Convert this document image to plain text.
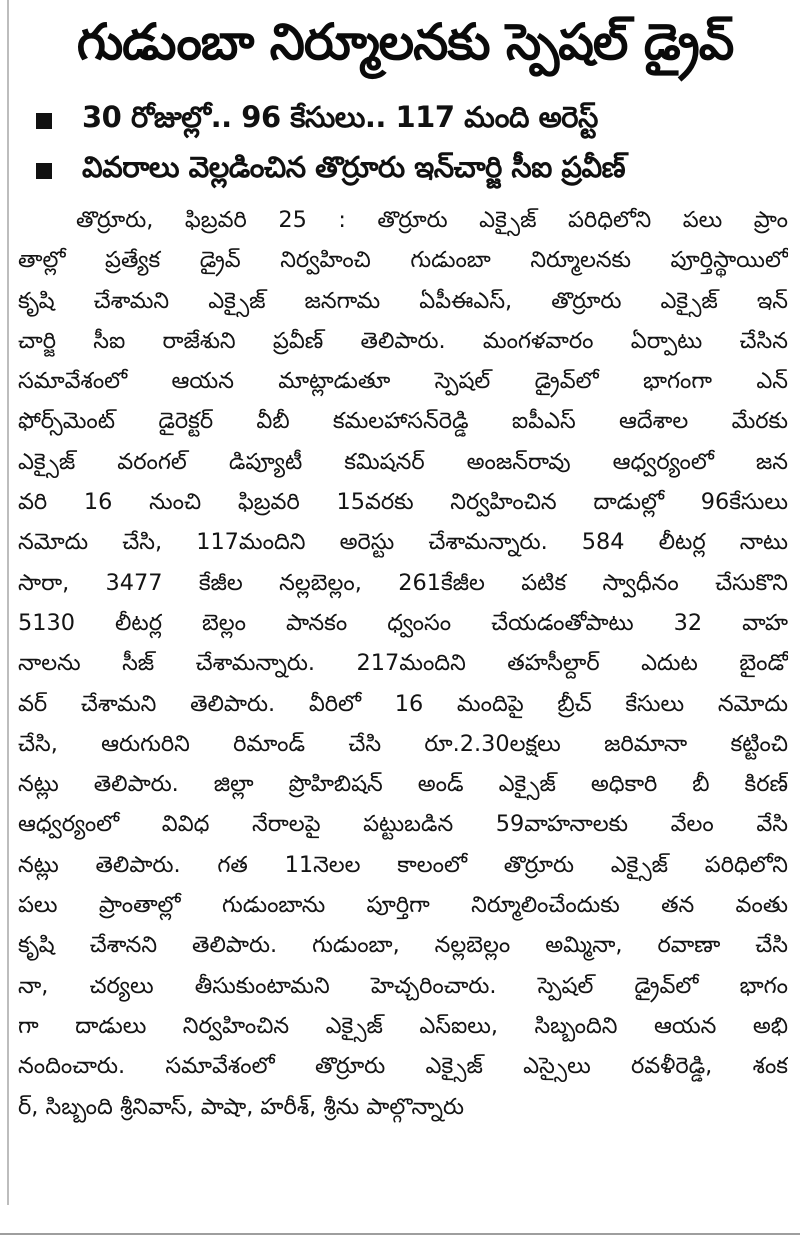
గుడుంబా నిర్మూలనకు స్పెషల్ డ్రైవ్
30 రోజుల్లో.. 96 కేసులు.. 117 మంది అరెస్ట్
వివరాలు వెల్లడించిన తొర్రూరు ఇన్‌చార్జి సీఐ ప్రవీణ్
తొర్రూరు, ఫిబ్రవరి 25 : తొర్రూరు ఎక్సైజ్ పరిధిలోని పలు ప్రాం
తాల్లో ప్రత్యేక డ్రైవ్ నిర్వహించి గుడుంబా నిర్మూలనకు పూర్తిస్థాయిలో
కృషి చేశామని ఎక్సైజ్ జనగామ ఏపీఈఎస్, తొర్రూరు ఎక్సైజ్ ఇన్
చార్జి సీఐ రాజేశుని ప్రవీణ్ తెలిపారు. మంగళవారం ఏర్పాటు చేసిన
సమావేశంలో ఆయన మాట్లాడుతూ స్పెషల్ డ్రైవ్‌లో భాగంగా ఎన్
ఫోర్స్‌మెంట్ డైరెక్టర్ వీబీ కమలహాసన్‌రెడ్డి ఐపీఎస్ ఆదేశాల మేరకు
ఎక్సైజ్ వరంగల్ డిప్యూటీ కమిషనర్ అంజన్‌రావు ఆధ్వర్యంలో జన
వరి 16 నుంచి ఫిబ్రవరి 15వరకు నిర్వహించిన దాడుల్లో 96కేసులు
నమోదు చేసి, 117మందిని అరెస్టు చేశామన్నారు. 584 లీటర్ల నాటు
సారా, 3477 కేజీల నల్లబెల్లం, 261కేజీల పటిక స్వాధీనం చేసుకొని
5130 లీటర్ల బెల్లం పానకం ధ్వంసం చేయడంతోపాటు 32 వాహ
నాలను సీజ్ చేశామన్నారు. 217మందిని తహసీల్దార్ ఎదుట బైండో
వర్ చేశామని తెలిపారు. వీరిలో 16 మందిపై బ్రీచ్ కేసులు నమోదు
చేసి, ఆరుగురిని రిమాండ్ చేసి రూ.2.30లక్షలు జరిమానా కట్టించి
నట్లు తెలిపారు. జిల్లా ప్రొహిబిషన్ అండ్ ఎక్సైజ్ అధికారి బీ కిరణ్
ఆధ్వర్యంలో వివిధ నేరాలపై పట్టుబడిన 59వాహనాలకు వేలం వేసి
నట్లు తెలిపారు. గత 11నెలల కాలంలో తొర్రూరు ఎక్సైజ్ పరిధిలోని
పలు ప్రాంతాల్లో గుడుంబాను పూర్తిగా నిర్మూలించేందుకు తన వంతు
కృషి చేశానని తెలిపారు. గుడుంబా, నల్లబెల్లం అమ్మినా, రవాణా చేసి
నా, చర్యలు తీసుకుంటామని హెచ్చరించారు. స్పెషల్ డ్రైవ్‌లో భాగం
గా దాడులు నిర్వహించిన ఎక్సైజ్ ఎస్ఐలు, సిబ్బందిని ఆయన అభి
నందించారు. సమావేశంలో తొర్రూరు ఎక్సైజ్ ఎస్సైలు రవళీరెడ్డి, శంక
ర్, సిబ్బంది శ్రీనివాస్, పాషా, హరీశ్, శ్రీను పాల్గొన్నారు
